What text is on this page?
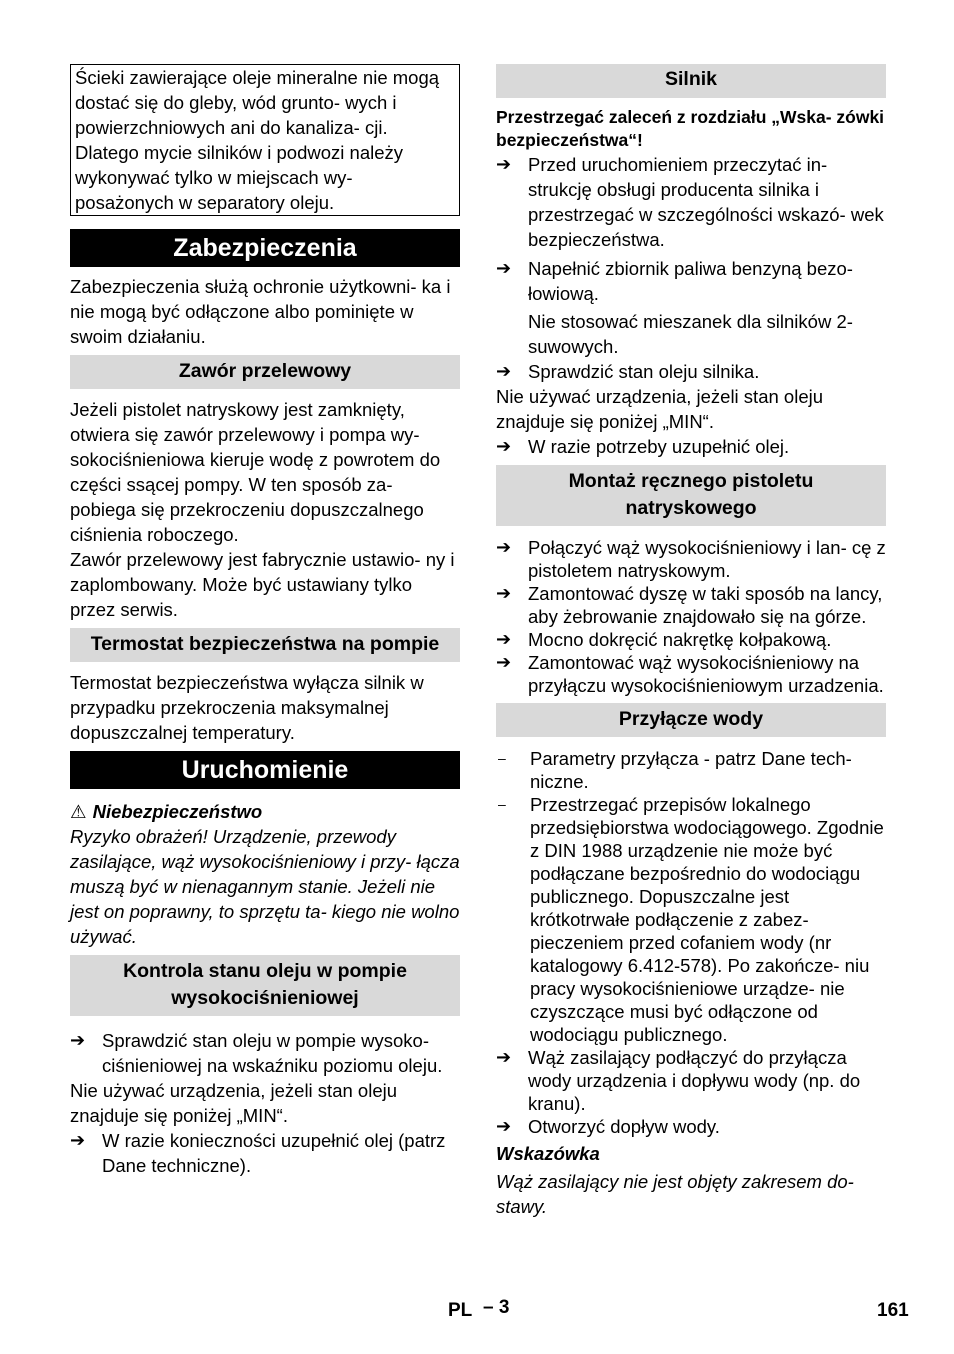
Ścieki zawierające oleje mineralne nie mogą dostać się do gleby, wód grunto- wych i powierzchniowych ani do kanaliza- cji. Dlatego mycie silników i podwozi należy wykonywać tylko w miejscach wy- posażonych w separatory oleju.

Zabezpieczenia

Zabezpieczenia służą ochronie użytkowni- ka i nie mogą być odłączone albo pominięte w swoim działaniu.

Zawór przelewowy

Jeżeli pistolet natryskowy jest zamknięty, otwiera się zawór przelewowy i pompa wy- sokociśnieniowa kieruje wodę z powrotem do części ssącej pompy. W ten sposób za- pobiega się przekroczeniu dopuszczalnego ciśnienia roboczego.

Zawór przelewowy jest fabrycznie ustawio- ny i zaplombowany. Może być ustawiany tylko przez serwis.

Termostat bezpieczeństwa na pompie

Termostat bezpieczeństwa wyłącza silnik w przypadku przekroczenia maksymalnej dopuszczalnej temperatury.

Uruchomienie

⚠ Niebezpieczeństwo

Ryzyko obrażeń! Urządzenie, przewody zasilające, wąż wysokociśnieniowy i przy- łącza muszą być w nienagannym stanie. Jeżeli nie jest on poprawny, to sprzętu ta- kiego nie wolno używać.

Kontrola stanu oleju w pompie wysokociśnieniowej
➔ Sprawdzić stan oleju w pompie wysoko- ciśnieniowej na wskaźniku poziomu oleju.

Nie używać urządzenia, jeżeli stan oleju znajduje się poniżej „MIN“.

➔ W razie konieczności uzupełnić olej (patrz Dane techniczne).
Silnik

Przestrzegać zaleceń z rozdziału „Wska- zówki bezpieczeństwa“!

➔ Przed uruchomieniem przeczytać in- strukcję obsługi producenta silnika i przestrzegać w szczególności wskazó- wek bezpieczeństwa.
➔ Napełnić zbiornik paliwa benzyną bezo- łowiową.

Nie stosować mieszanek dla silników 2- suwowych.
➔ Sprawdzić stan oleju silnika.

Nie używać urządzenia, jeżeli stan oleju znajduje się poniżej „MIN“.

➔ W razie potrzeby uzupełnić olej.
Montaż ręcznego pistoletu natryskowego
➔ Połączyć wąż wysokociśnieniowy i lan- cę z pistoletem natryskowym.
➔ Zamontować dyszę w taki sposób na lancy, aby żebrowanie znajdowało się na górze.
➔ Mocno dokręcić nakrętkę kołpakową.
➔ Zamontować wąż wysokociśnieniowy na przyłączu wysokociśnieniowym urzadzenia.
Przyłącze wody
–	Parametry przyłącza - patrz Dane tech- niczne.
–	Przestrzegać przepisów lokalnego przedsiębiorstwa wodociągowego. Zgodnie z DIN 1988 urządzenie nie może być podłączane bezpośrednio do wodociągu publicznego. Dopuszczalne jest krótkotrwałe podłączenie z zabez- pieczeniem przed cofaniem wody (nr katalogowy 6.412-578). Po zakończe- niu pracy wysokociśnieniowe urządze- nie czyszczące musi być odłączone od wodociągu publicznego.
➔ Wąż zasilający podłączyć do przyłącza wody urządzenia i dopływu wody (np. do kranu).
➔ Otworzyć dopływ wody.

Wskazówka

Wąż zasilający nie jest objęty zakresem do- stawy.

PL – 3	161
